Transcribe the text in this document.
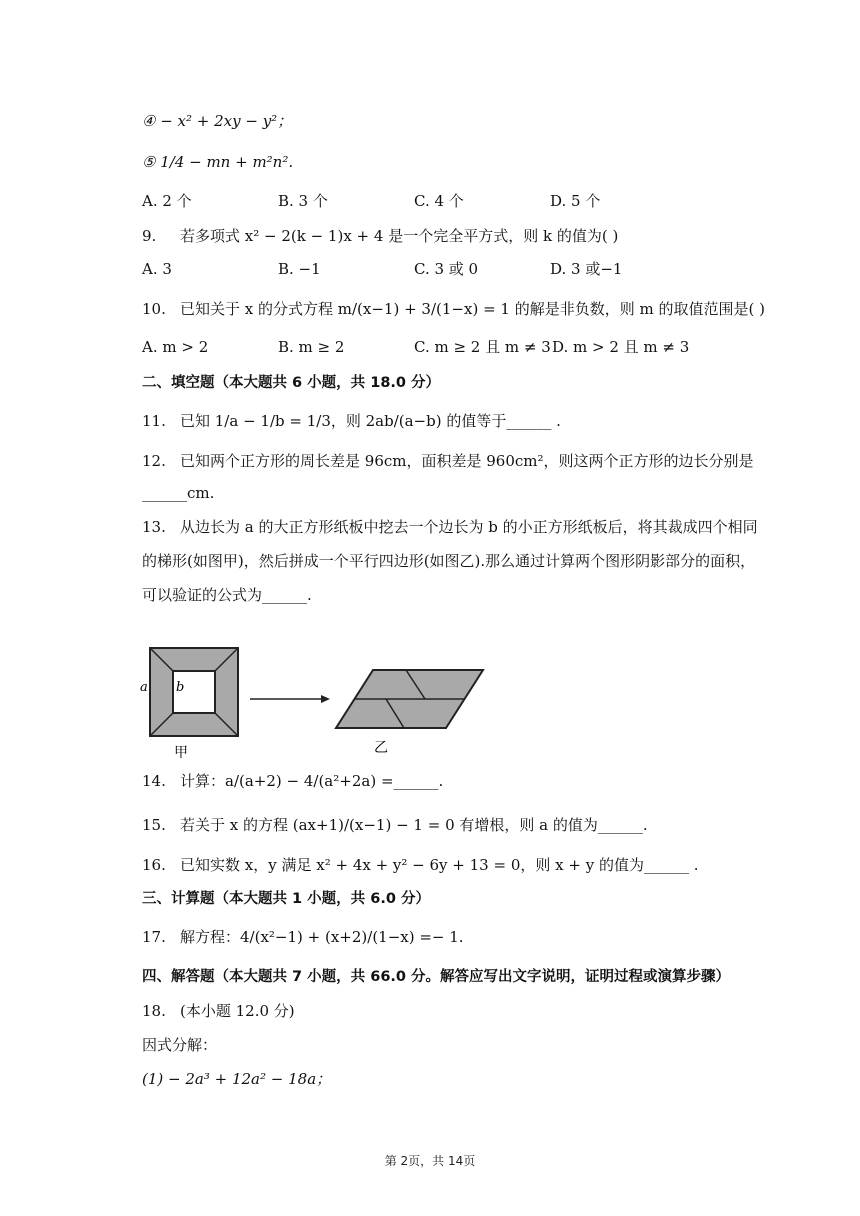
④ − x² + 2xy − y²；
⑤ 1/4 − mn + m²n².
A. 2 个	B. 3 个	C. 4 个	D. 5 个
9. 若多项式 x² − 2(k − 1)x + 4 是一个完全平方式，则 k 的值为( )
A. 3	B. −1	C. 3 或 0	D. 3 或−1
10. 已知关于 x 的分式方程 m/(x−1) + 3/(1−x) = 1 的解是非负数，则 m 的取值范围是( )
A. m > 2	B. m ≥ 2	C. m ≥ 2 且 m ≠ 3 D. m > 2 且 m ≠ 3
二、填空题（本大题共 6 小题，共 18.0 分）
11. 已知 1/a − 1/b = 1/3，则 2ab/(a−b) 的值等于______ .
12. 已知两个正方形的周长差是 96cm，面积差是 960cm²，则这两个正方形的边长分别是
______cm.
13. 从边长为 a 的大正方形纸板中挖去一个边长为 b 的小正方形纸板后，将其裁成四个相同
的梯形(如图甲)，然后拼成一个平行四边形(如图乙).那么通过计算两个图形阴影部分的面积，
可以验证的公式为______.
a b
甲	乙
14. 计算：a/(a+2) − 4/(a²+2a) =______.
15. 若关于 x 的方程 (ax+1)/(x−1) − 1 = 0 有增根，则 a 的值为______.
16. 已知实数 x，y 满足 x² + 4x + y² − 6y + 13 = 0，则 x + y 的值为______ .
三、计算题（本大题共 1 小题，共 6.0 分）
17. 解方程：4/(x²−1) + (x+2)/(1−x) =− 1.
四、解答题（本大题共 7 小题，共 66.0 分。解答应写出文字说明，证明过程或演算步骤）
18. (本小题 12.0 分)
因式分解：
(1) − 2a³ + 12a² − 18a；
第 2页，共 14页
